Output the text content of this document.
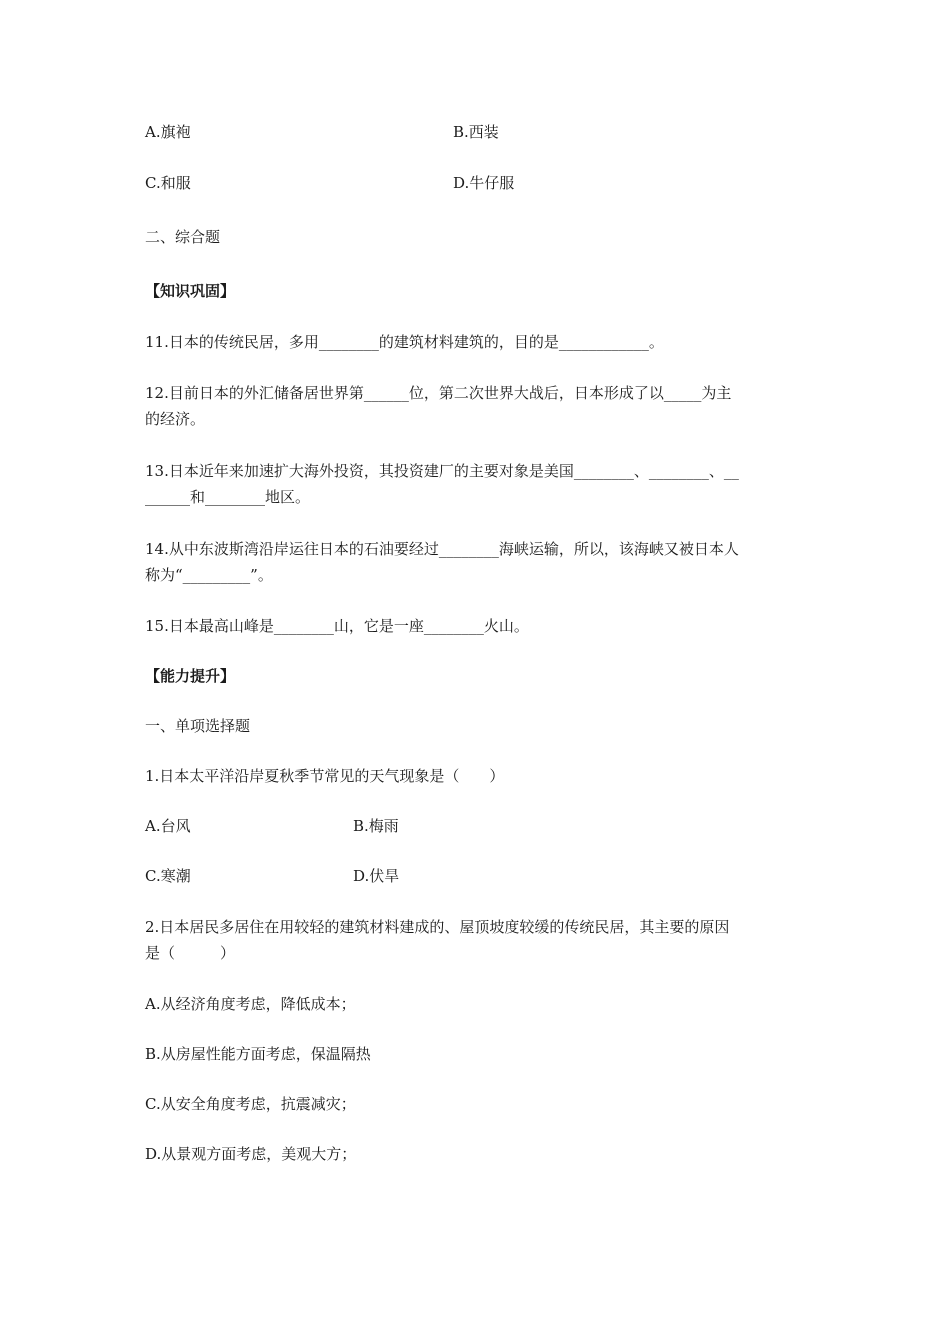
A.旗袍	B.西装
C.和服	D.牛仔服
二、综合题
【知识巩固】
11.日本的传统民居，多用________的建筑材料建筑的，目的是____________。
12.目前日本的外汇储备居世界第______位，第二次世界大战后，日本形成了以_____为主
的经济。
13.日本近年来加速扩大海外投资，其投资建厂的主要对象是美国________、________、__
______和________地区。
14.从中东波斯湾沿岸运往日本的石油要经过________海峡运输，所以，该海峡又被日本人
称为“_________”。
15.日本最高山峰是________山，它是一座________火山。
【能力提升】
一、单项选择题
1.日本太平洋沿岸夏秋季节常见的天气现象是（　　）
A.台风	B.梅雨
C.寒潮	D.伏旱
2.日本居民多居住在用较轻的建筑材料建成的、屋顶坡度较缓的传统民居，其主要的原因
是（　　　）
A.从经济角度考虑，降低成本；
B.从房屋性能方面考虑，保温隔热
C.从安全角度考虑，抗震减灾；
D.从景观方面考虑，美观大方；
